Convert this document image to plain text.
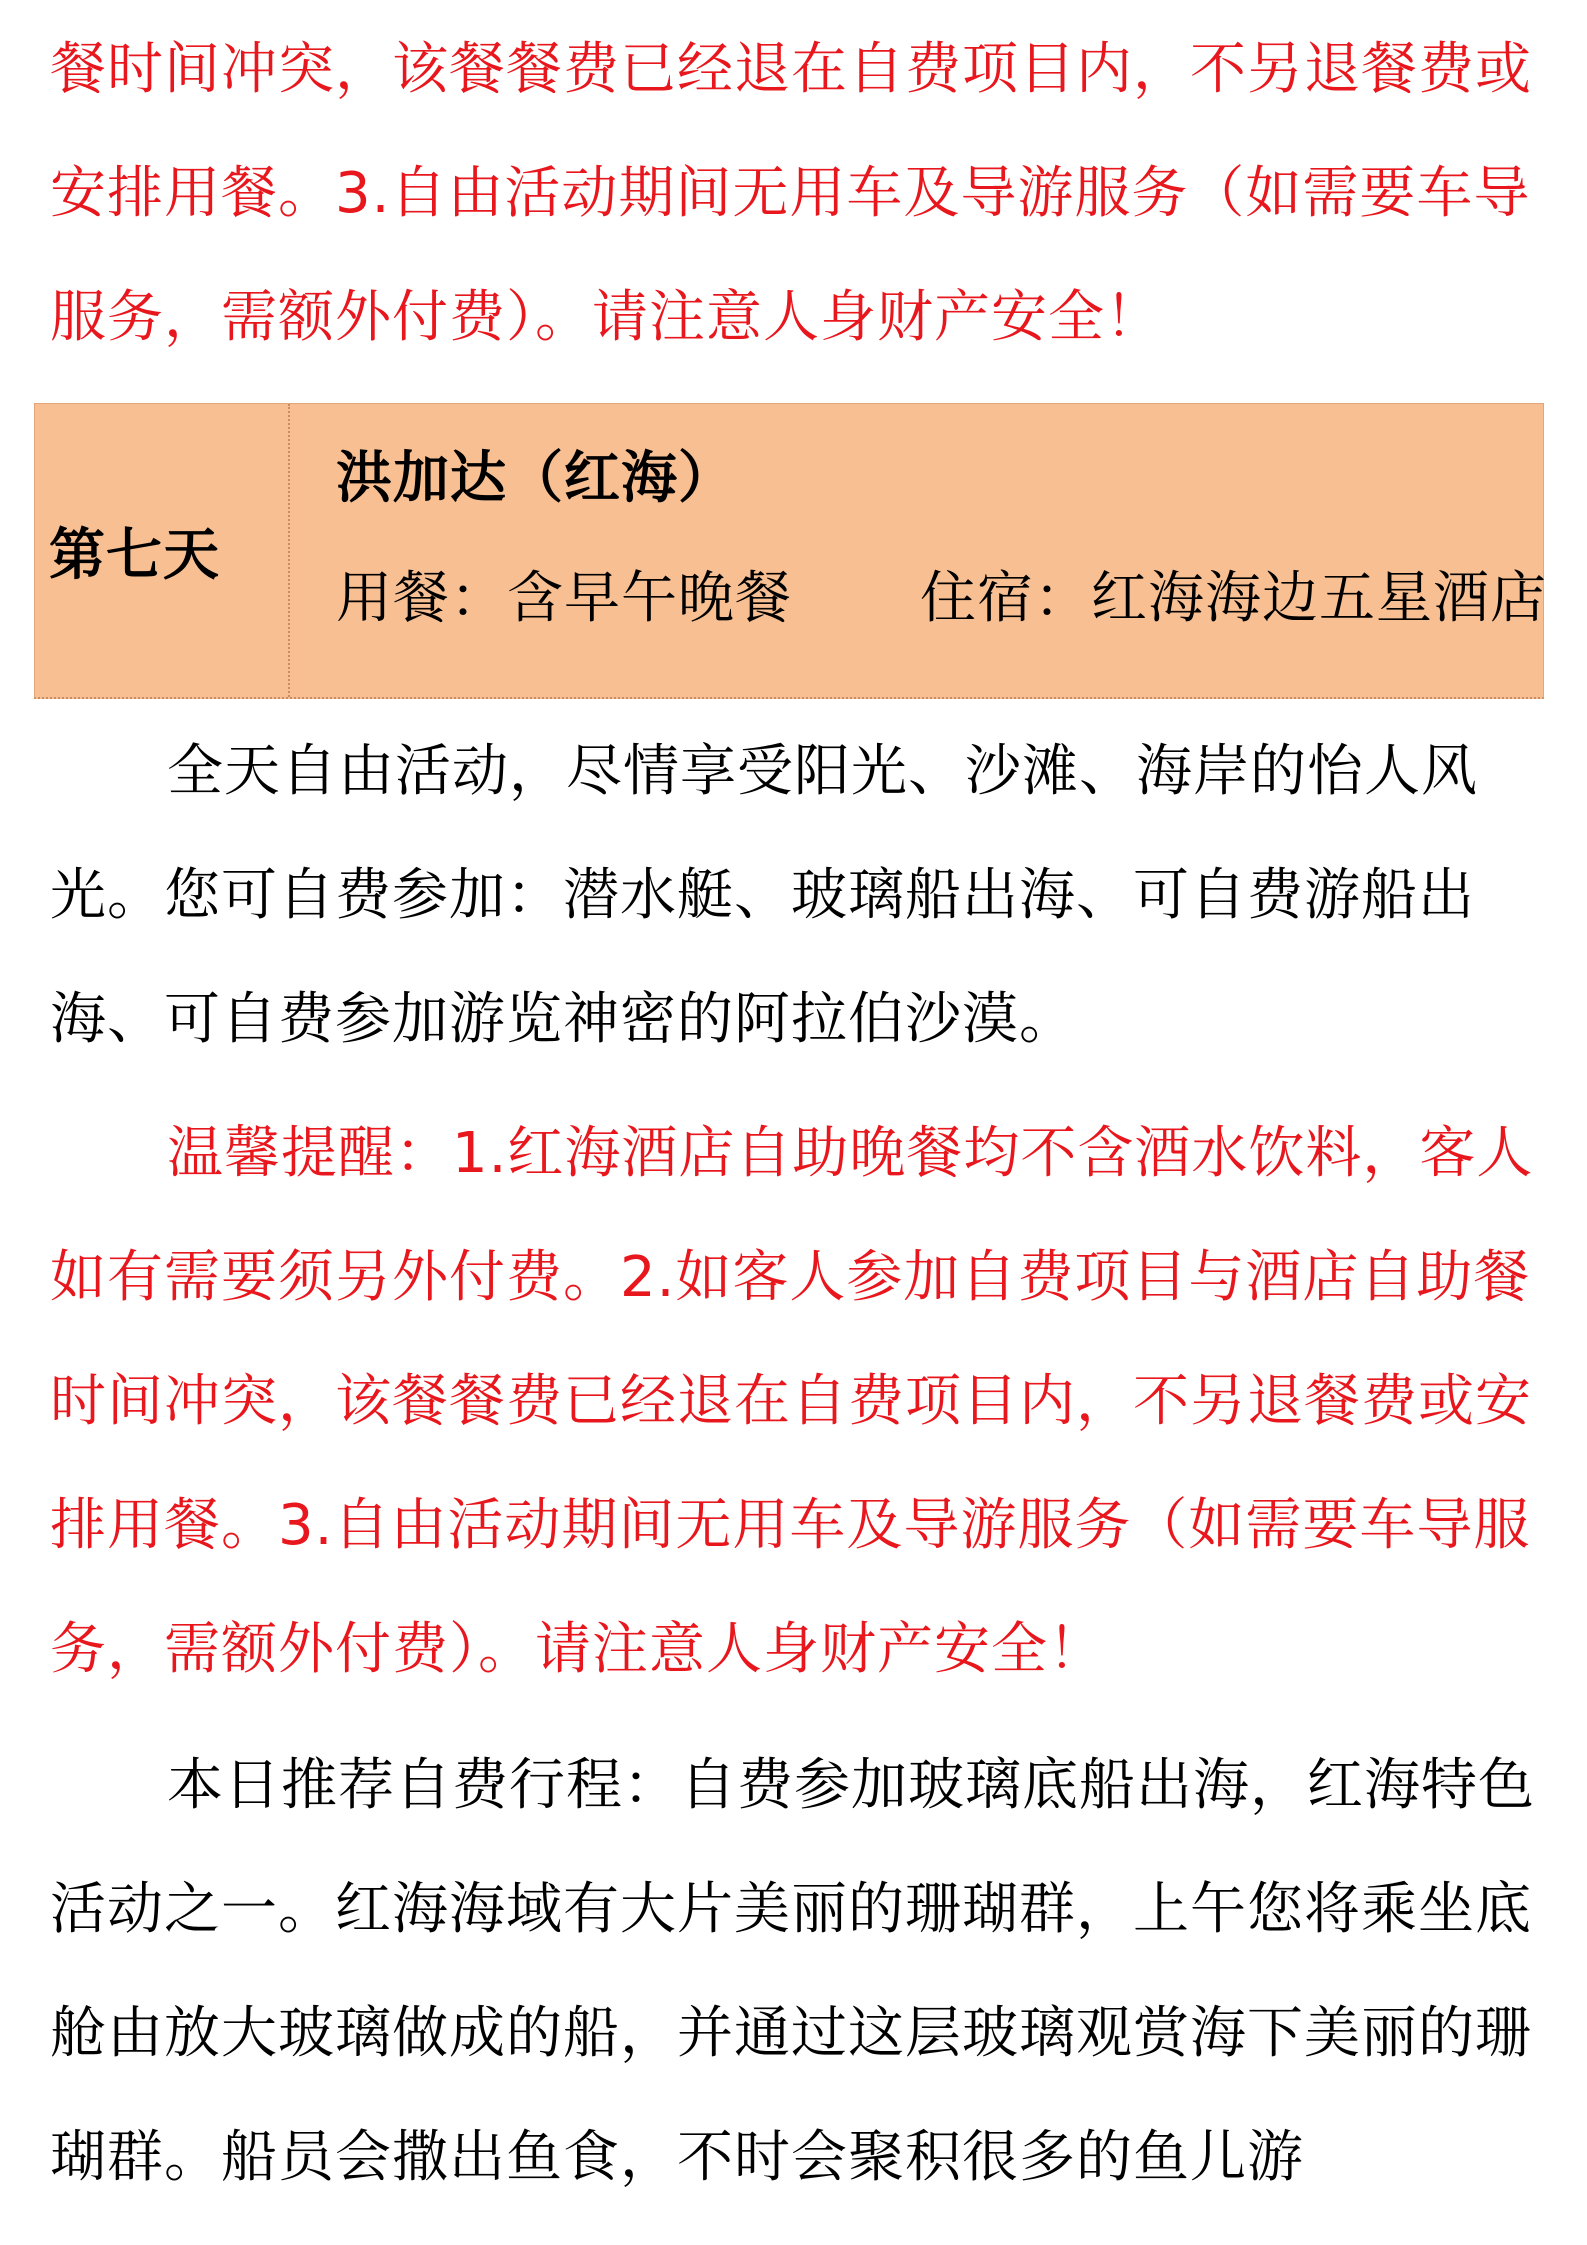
餐时间冲突，该餐餐费已经退在自费项目内，不另退餐费或安排用餐。3.自由活动期间无用车及导游服务（如需要车导服务，需额外付费）。请注意人身财产安全！

第七天
洪加达（红海）
用餐：含早午晚餐 住宿：红海海边五星酒店

全天自由活动，尽情享受阳光、沙滩、海岸的怡人风光。您可自费参加：潜水艇、玻璃船出海、可自费游船出海、可自费参加游览神密的阿拉伯沙漠。

温馨提醒：1.红海酒店自助晚餐均不含酒水饮料，客人如有需要须另外付费。2.如客人参加自费项目与酒店自助餐时间冲突，该餐餐费已经退在自费项目内，不另退餐费或安排用餐。3.自由活动期间无用车及导游服务（如需要车导服务，需额外付费）。请注意人身财产安全！

本日推荐自费行程：自费参加玻璃底船出海，红海特色活动之一。红海海域有大片美丽的珊瑚群，上午您将乘坐底舱由放大玻璃做成的船，并通过这层玻璃观赏海下美丽的珊瑚群。船员会撒出鱼食，不时会聚积很多的鱼儿游
